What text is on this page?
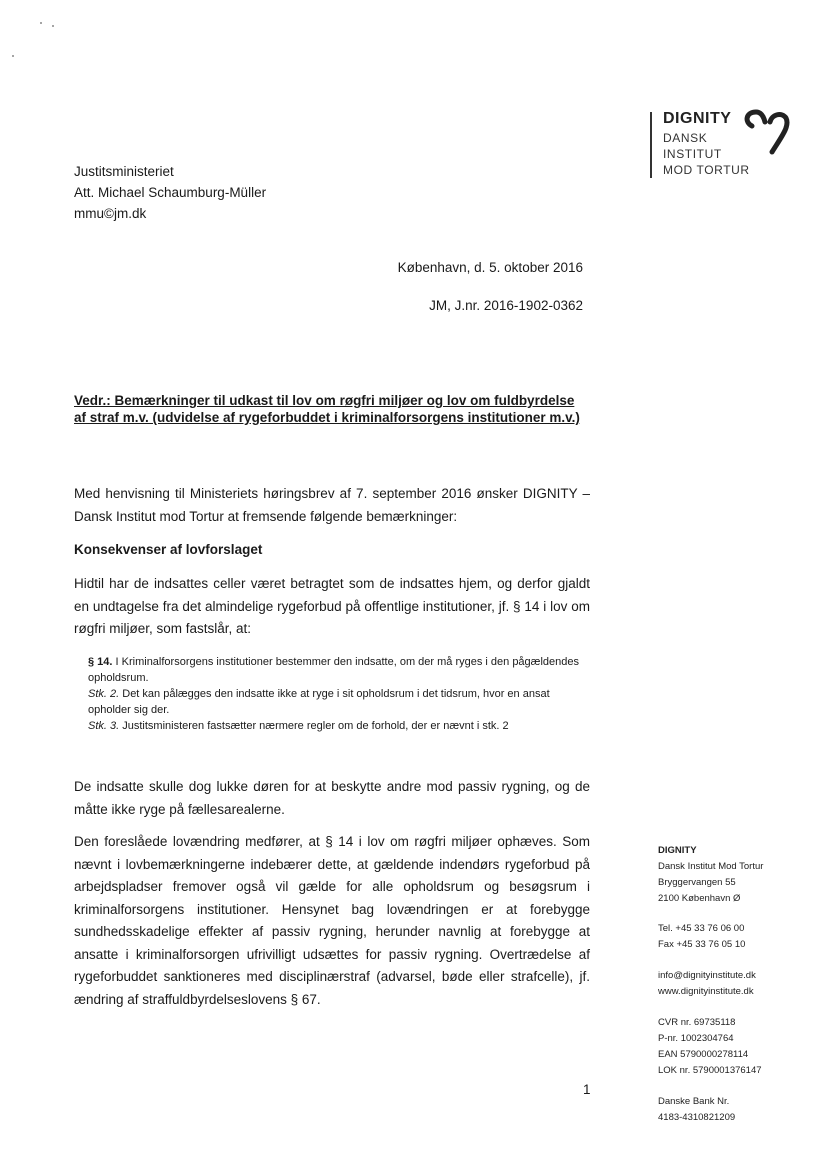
DIGNITY
DANSK
INSTITUT
MOD TORTUR
Justitsministeriet
Att. Michael Schaumburg-Müller
mmu©jm.dk
København, d. 5. oktober 2016
JM, J.nr. 2016-1902-0362
Vedr.: Bemærkninger til udkast til lov om røgfri miljøer og lov om fuldbyrdelse
af straf m.v. (udvidelse af rygeforbuddet i kriminalforsorgens institutioner m.v.)
Med henvisning til Ministeriets høringsbrev af 7. september 2016 ønsker DIGNITY – Dansk Institut mod Tortur at fremsende følgende bemærkninger:
Konsekvenser af lovforslaget
Hidtil har de indsattes celler været betragtet som de indsattes hjem, og derfor gjaldt en undtagelse fra det almindelige rygeforbud på offentlige institutioner, jf. § 14 i lov om røgfri miljøer, som fastslår, at:
§ 14. I Kriminalforsorgens institutioner bestemmer den indsatte, om der må ryges i den pågældendes opholdsrum.
Stk. 2. Det kan pålægges den indsatte ikke at ryge i sit opholdsrum i det tidsrum, hvor en ansat opholder sig der.
Stk. 3. Justitsministeren fastsætter nærmere regler om de forhold, der er nævnt i stk. 2
De indsatte skulle dog lukke døren for at beskytte andre mod passiv rygning, og de måtte ikke ryge på fællesarealerne.
Den foreslåede lovændring medfører, at § 14 i lov om røgfri miljøer ophæves. Som nævnt i lovbemærkningerne indebærer dette, at gældende indendørs rygeforbud på arbejdspladser fremover også vil gælde for alle opholdsrum og besøgsrum i kriminalforsorgens institutioner. Hensynet bag lovændringen er at forebygge sundhedsskadelige effekter af passiv rygning, herunder navnlig at forebygge at ansatte i kriminalforsorgen ufrivilligt udsættes for passiv rygning. Overtrædelse af rygeforbuddet sanktioneres med disciplinærstraf (advarsel, bøde eller strafcelle), jf. ændring af straffuldbyrdelseslovens § 67.
DIGNITY
Dansk Institut Mod Tortur
Bryggervangen 55
2100 København Ø
Tel. +45 33 76 06 00
Fax +45 33 76 05 10
info@dignityinstitute.dk
www.dignityinstitute.dk
CVR nr. 69735118
P-nr. 1002304764
EAN 5790000278114
LOK nr. 5790001376147
Danske Bank Nr.
4183-4310821209
1
